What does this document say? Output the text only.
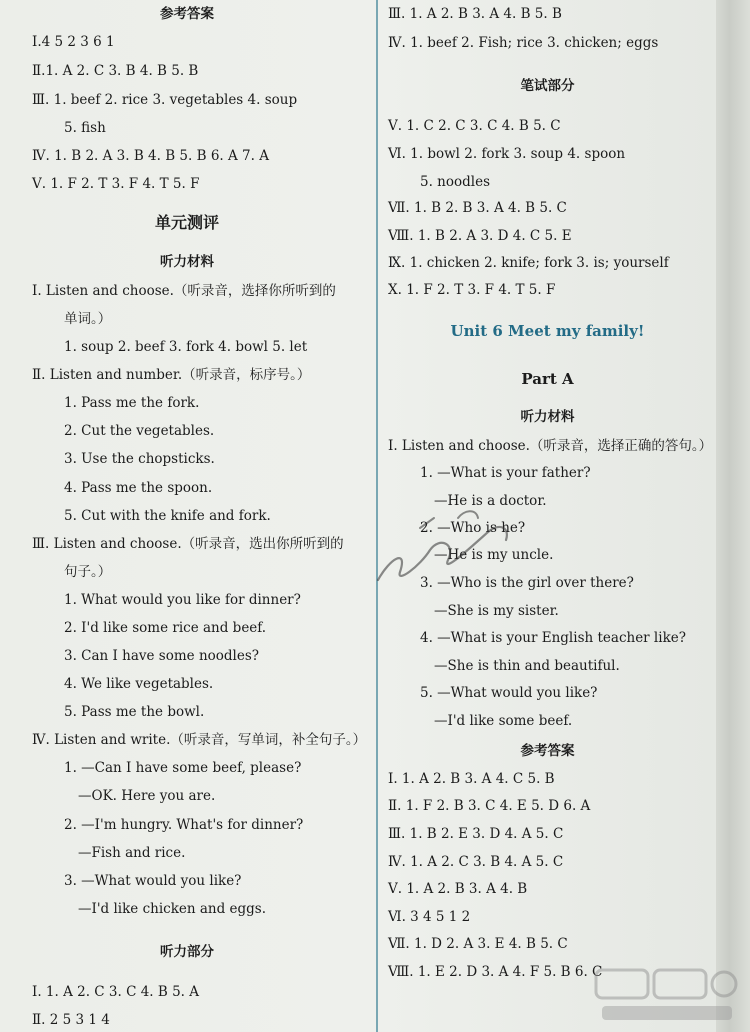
参考答案
Ⅰ.4 5 2 3 6 1
Ⅱ.1. A 2. C 3. B 4. B 5. B
Ⅲ. 1. beef 2. rice 3. vegetables 4. soup
5. fish
Ⅳ. 1. B 2. A 3. B 4. B 5. B 6. A 7. A
Ⅴ. 1. F 2. T 3. F 4. T 5. F
单元测评
听力材料
Ⅰ. Listen and choose.（听录音，选择你所听到的
单词。）
1. soup 2. beef 3. fork 4. bowl 5. let
Ⅱ. Listen and number.（听录音，标序号。）
1. Pass me the fork.
2. Cut the vegetables.
3. Use the chopsticks.
4. Pass me the spoon.
5. Cut with the knife and fork.
Ⅲ. Listen and choose.（听录音，选出你所听到的
句子。）
1. What would you like for dinner?
2. I'd like some rice and beef.
3. Can I have some noodles?
4. We like vegetables.
5. Pass me the bowl.
Ⅳ. Listen and write.（听录音，写单词，补全句子。）
1. —Can I have some beef, please?
—OK. Here you are.
2. —I'm hungry. What's for dinner?
—Fish and rice.
3. —What would you like?
—I'd like chicken and eggs.
听力部分
Ⅰ. 1. A 2. C 3. C 4. B 5. A
Ⅱ. 2 5 3 1 4
Ⅲ. 1. A 2. B 3. A 4. B 5. B
Ⅳ. 1. beef 2. Fish; rice 3. chicken; eggs
笔试部分
Ⅴ. 1. C 2. C 3. C 4. B 5. C
Ⅵ. 1. bowl 2. fork 3. soup 4. spoon
5. noodles
Ⅶ. 1. B 2. B 3. A 4. B 5. C
Ⅷ. 1. B 2. A 3. D 4. C 5. E
Ⅸ. 1. chicken 2. knife; fork 3. is; yourself
Ⅹ. 1. F 2. T 3. F 4. T 5. F
Unit 6 Meet my family!
Part A
听力材料
Ⅰ. Listen and choose.（听录音，选择正确的答句。）
1. —What is your father?
—He is a doctor.
2. —Who is he?
—He is my uncle.
3. —Who is the girl over there?
—She is my sister.
4. —What is your English teacher like?
—She is thin and beautiful.
5. —What would you like?
—I'd like some beef.
参考答案
Ⅰ. 1. A 2. B 3. A 4. C 5. B
Ⅱ. 1. F 2. B 3. C 4. E 5. D 6. A
Ⅲ. 1. B 2. E 3. D 4. A 5. C
Ⅳ. 1. A 2. C 3. B 4. A 5. C
Ⅴ. 1. A 2. B 3. A 4. B
Ⅵ. 3 4 5 1 2
Ⅶ. 1. D 2. A 3. E 4. B 5. C
Ⅷ. 1. E 2. D 3. A 4. F 5. B 6. C
